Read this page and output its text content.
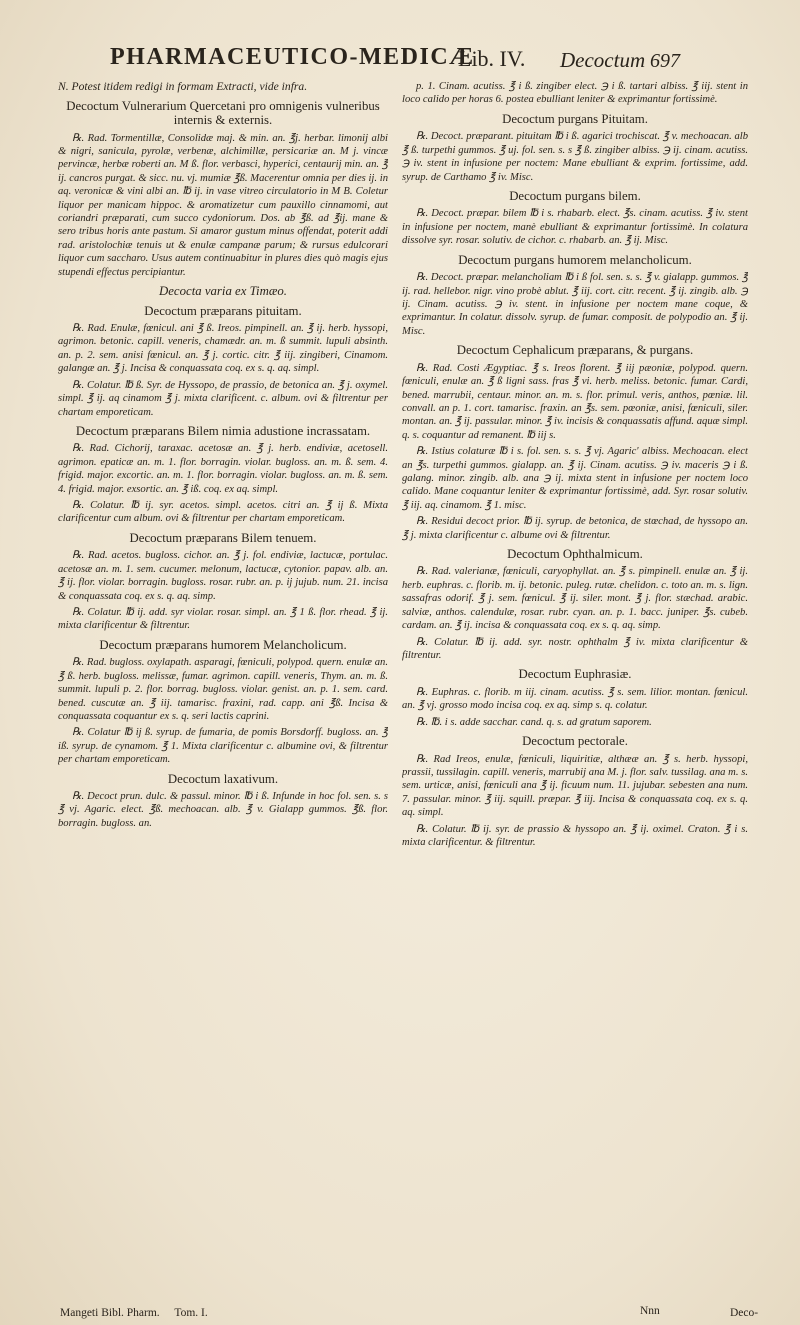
PHARMACEUTICO-MEDICÆ
Lib. IV. Decoctum 697

N. Potest itidem redigi in formam Extracti, vide infra.

Decoctum Vulnerarium Quercetani pro omnigenis vulneribus internis & externis.

℞. Rad. Tormentillæ, Consolidæ maj. & min. an. ℥j. herbar. limonij albi & nigri, sanicula, pyrolæ, verbenæ, alchimillæ, persicariæ an. M j. vincæ pervincæ, herbæ roberti an. M ß. flor. verbasci, hyperici, centaurij min. an. ℥ ij. cancros purgat. & sicc. nu. vj. mumiæ ℥ß. Macerentur omnia per dies ij. in aq. veronicæ & vini albi an. ℔ ij. in vase vitreo circulatorio in M B. Coletur liquor per manicam hippoc. & aromatizetur cum pauxillo cinnamomi, aut coriandri præparati, cum succo cydoniorum. Dos. ab ℥ß. ad ℥ij. mane & sero tribus horis ante pastum. Si amaror gustum minus offendat, poterit addi rad. aristolochiæ tenuis ut & enulæ campanæ parum; & rursus edulcorari liquor cum saccharo. Usus autem continuabitur in plures dies quò magis ejus stupendi effectus percipiantur.

Decocta varia ex Timæo.

Decoctum præparans pituitam.

℞. Rad. Enulæ, fœnicul. ani ℥ ß. Ireos. pimpinell. an. ℥ ij. herb. hyssopi, agrimon. betonic. capill. veneris, chamædr. an. m. ß summit. lupuli absinth. an. p. 2. sem. anisi fœnicul. an. ℥ j. cortic. citr. ℥ iij. zingiberi, Cinamom. galangæ an. ℥ j. Incisa & conquassata coq. ex s. q. aq. simpl.

℞. Colatur. ℔ ß. Syr. de Hyssopo, de prassio, de betonica an. ℥ j. oxymel. simpl. ℥ ij. aq cinamom ℥ j. mixta clarificent. c. album. ovi & filtrentur per chartam emporeticam.

Decoctum præparans Bilem nimia adustione incrassatam.

℞. Rad. Cichorij, taraxac. acetosæ an. ℥ j. herb. endiviæ, acetosell. agrimon. epaticæ an. m. 1. flor. borragin. violar. bugloss. an. m. ß. sem. 4. frigid. major. excortic. an. m. 1. flor. borragin. violar. bugloss. an. m. ß. sem. 4. frigid. major. exsortic. an. ℥ iß. coq. ex aq. simpl.

℞. Colatur. ℔ ij. syr. acetos. simpl. acetos. citri an. ℥ ij ß. Mixta clarificentur cum album. ovi & filtrentur per chartam emporeticam.

Decoctum præparans Bilem tenuem.

℞. Rad. acetos. bugloss. cichor. an. ℥ j. fol. endiviæ, lactucæ, portulac. acetosæ an. m. 1. sem. cucumer. melonum, lactucæ, cytonior. papav. alb. an. ℥ ij. flor. violar. borragin. bugloss. rosar. rubr. an. p. ij jujub. num. 21. incisa & conquassata coq. ex s. q. aq. simp.

℞. Colatur. ℔ ij. add. syr violar. rosar. simpl. an. ℥ 1 ß. flor. rhead. ℥ ij. mixta clarificentur & filtrentur.

Decoctum præparans humorem Melancholicum.

℞. Rad. bugloss. oxylapath. asparagi, fœniculi, polypod. quern. enulæ an. ℥ ß. herb. bugloss. melissæ, fumar. agrimon. capill. veneris, Thym. an. m. ß. summit. lupuli p. 2. flor. borrag. bugloss. violar. genist. an. p. 1. sem. card. bened. cuscutæ an. ℥ iij. tamarisc. fraxini, rad. capp. ani ℥ß. Incisa & conquassata coquantur ex s. q. seri lactis caprini.

℞. Colatur ℔ ij ß. syrup. de fumaria, de pomis Borsdorff. bugloss. an. ℥ iß. syrup. de cynamom. ℥ 1. Mixta clarificentur c. albumine ovi, & filtrentur per chartam emporeticam.

Decoctum laxativum.

℞. Decoct prun. dulc. & passul. minor. ℔ i ß. Infunde in hoc fol. sen. s. s ℥ vj. Agaric. elect. ℥ß. mechoacan. alb. ℥ v. Gialapp gummos. ℥ß. flor. borragin. bugloss. an.

p. 1. Cinam. acutiss. ℥ i ß. zingiber elect. ℈ i ß. tartari albiss. ℥ iij. stent in loco calido per horas 6. postea ebulliant leniter & exprimantur fortissimè.

Decoctum purgans Pituitam.

℞. Decoct. præparant. pituitam ℔ i ß. agarici trochiscat. ℥ v. mechoacan. alb ℥ ß. turpethi gummos. ℥ uj. fol. sen. s. s ℥ ß. zingiber albiss. ℈ ij. cinam. acutiss. ℈ iv. stent in infusione per noctem: Mane ebulliant & exprim. fortissime, add. syrup. de Carthamo ℥ iv. Misc.

Decoctum purgans bilem.

℞. Decoct. præpar. bilem ℔ i s. rhabarb. elect. ℥s. cinam. acutiss. ℥ iv. stent in infusione per noctem, manè ebulliant & exprimantur fortissimè. In colatura dissolve syr. rosar. solutiv. de cichor. c. rhabarb. an. ℥ ij. Misc.

Decoctum purgans humorem melancholicum.

℞. Decoct. præpar. melancholiam ℔ i ß fol. sen. s. s. ℥ v. gialapp. gummos. ℥ ij. rad. hellebor. nigr. vino probè ablut. ℥ iij. cort. citr. recent. ℥ ij. zingib. alb. ℈ ij. Cinam. acutiss. ℈ iv. stent. in infusione per noctem mane coque, & exprimantur. In colatur. dissolv. syrup. de fumar. composit. de polypodio an. ℥ ij. Misc.

Decoctum Cephalicum præparans, & purgans.

℞. Rad. Costi Ægyptiac. ℥ s. Ireos florent. ℥ iij pæoniæ, polypod. quern. fœniculi, enulæ an. ℥ ß ligni sass. fras ℥ vi. herb. meliss. betonic. fumar. Cardi, bened. marrubii, centaur. minor. an. m. s. flor. primul. veris, anthos, pœniæ. lil. convall. an p. 1. cort. tamarisc. fraxin. an ℥s. sem. pœoniæ, anisi, fœniculi, siler. montan. an. ℥ ij. passular. minor. ℥ iv. incisis & conquassatis affund. aquæ simpl. q. s. coquantur ad remanent. ℔ iij s.

℞. Istius colaturæ ℔ i s. fol. sen. s. s. ℥ vj. Agaric' albiss. Mechoacan. elect an ℥s. turpethi gummos. gialapp. an. ℥ ij. Cinam. acutiss. ℈ iv. maceris ℈ i ß. galang. minor. zingib. alb. ana ℈ ij. mixta stent in infusione per noctem loco calido. Mane coquantur leniter & exprimantur fortissimè, add. Syr. rosar solutiv. ℥ iij. aq. cinamom. ℥ 1. misc.

℞. Residui decoct prior. ℔ ij. syrup. de betonica, de stœchad, de hyssopo an. ℥ j. mixta clarificentur c. albume ovi & filtrentur.

Decoctum Ophthalmicum.

℞. Rad. valerianæ, fœniculi, caryophyllat. an. ℥ s. pimpinell. enulæ an. ℥ ij. herb. euphras. c. florib. m. ij. betonic. puleg. rutæ. chelidon. c. toto an. m. s. lign. sassafras odorif. ℥ j. sem. fœnicul. ℥ ij. siler. mont. ℥ j. flor. stæchad. arabic. salviæ, anthos. calendulæ, rosar. rubr. cyan. an. p. 1. bacc. juniper. ℥s. cubeb. cardam. an. ℥ ij. incisa & conquassata coq. ex s. q. aq. simp.

℞. Colatur. ℔ ij. add. syr. nostr. ophthalm ℥ iv. mixta clarificentur & filtrentur.

Decoctum Euphrasiæ.

℞. Euphras. c. florib. m iij. cinam. acutiss. ℥ s. sem. lilior. montan. fœnicul. an. ℥ vj. grosso modo incisa coq. ex aq. simp s. q. colatur.

℞. ℔. i s. adde sacchar. cand. q. s. ad gratum saporem.

Decoctum pectorale.

℞. Rad Ireos, enulæ, fœniculi, liquiritiæ, althææ an. ℥ s. herb. hyssopi, prassii, tussilagin. capill. veneris, marrubij ana M. j. flor. salv. tussilag. ana m. s. sem. urticæ, anisi, fœniculi ana ℥ ij. ficuum num. 11. jujubar. sebesten ana num. 7. passular. minor. ℥ iij. squill. præpar. ℥ iij. Incisa & conquassata coq. ex s. q. aq. simpl.

℞. Colatur. ℔ ij. syr. de prassio & hyssopo an. ℥ ij. oximel. Craton. ℥ i s. mixta clarificentur. & filtrentur.

Mangeti Bibl. Pharm. Tom. I.	Nnn	Deco-
